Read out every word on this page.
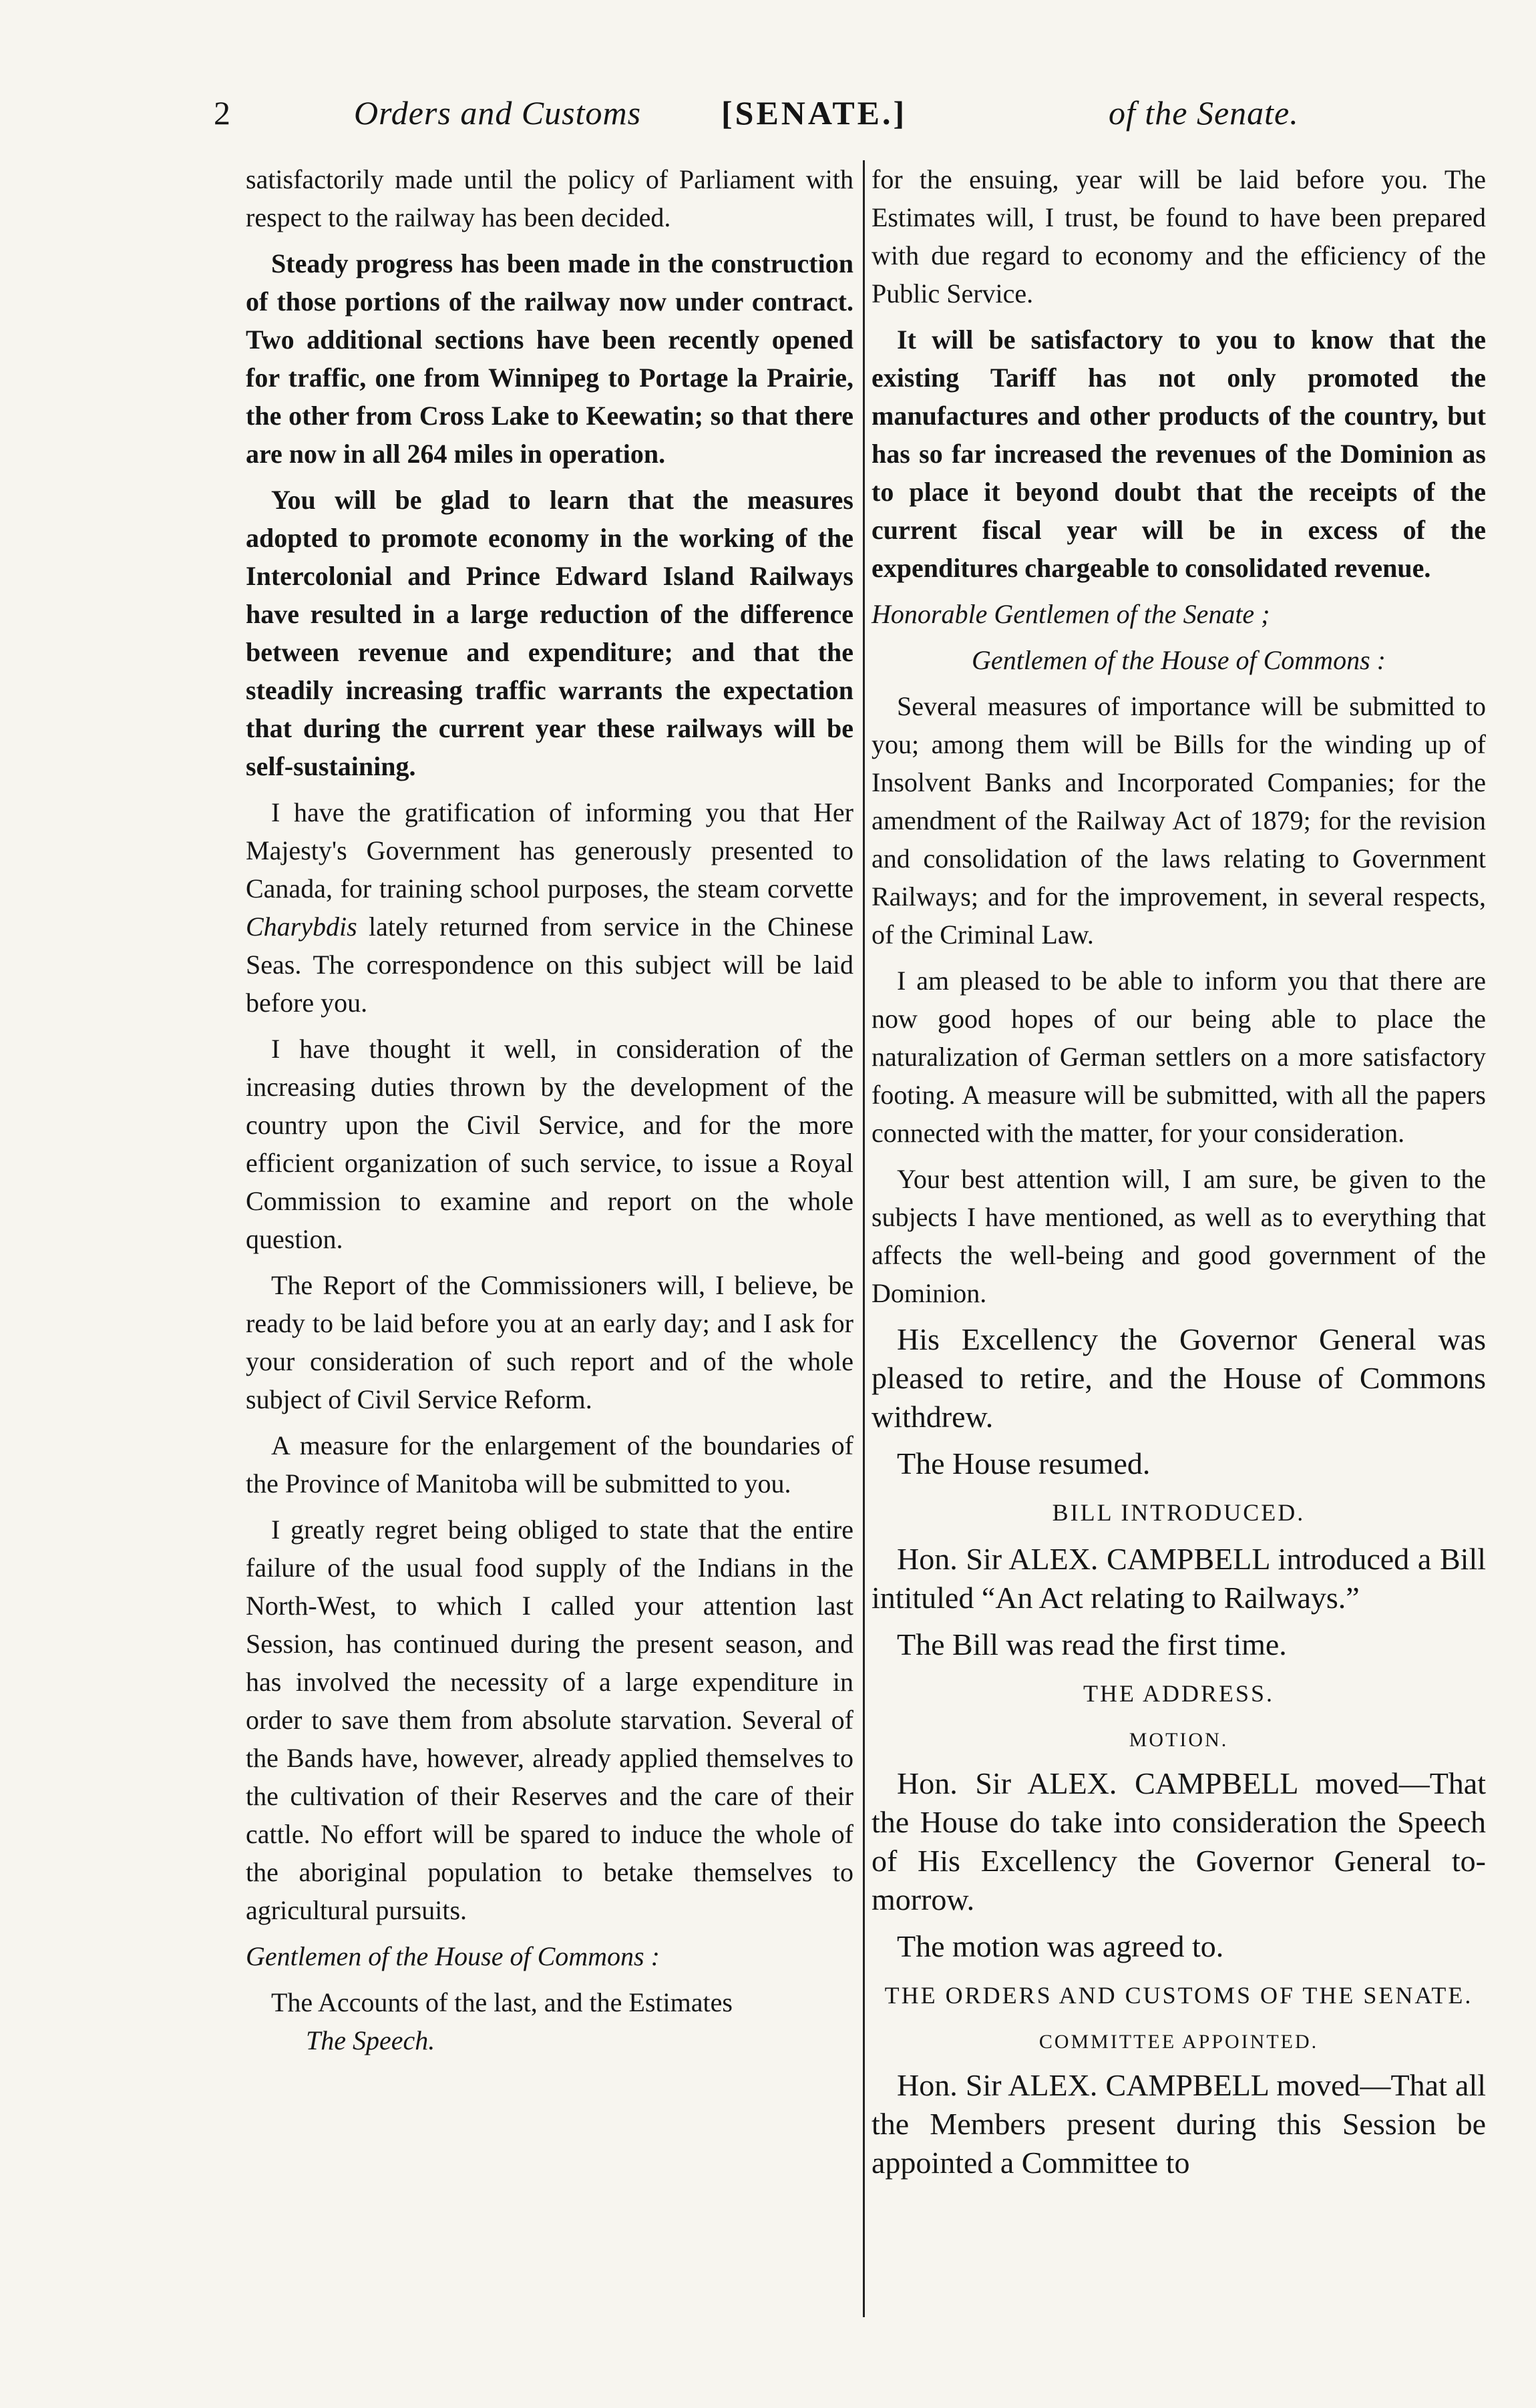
2	Orders and Customs [SENATE.]	of the Senate.

satisfactorily made until the policy of Parliament with respect to the railway has been decided.

Steady progress has been made in the construction of those portions of the railway now under contract. Two additional sections have been recently opened for traffic, one from Winnipeg to Portage la Prairie, the other from Cross Lake to Keewatin; so that there are now in all 264 miles in operation.

You will be glad to learn that the measures adopted to promote economy in the working of the Intercolonial and Prince Edward Island Railways have resulted in a large reduction of the difference between revenue and expenditure; and that the steadily increasing traffic warrants the expectation that during the current year these railways will be self-sustaining.

I have the gratification of informing you that Her Majesty's Government has generously presented to Canada, for training school purposes, the steam corvette Charybdis lately returned from service in the Chinese Seas. The correspondence on this subject will be laid before you.

I have thought it well, in consideration of the increasing duties thrown by the development of the country upon the Civil Service, and for the more efficient organization of such service, to issue a Royal Commission to examine and report on the whole question.

The Report of the Commissioners will, I believe, be ready to be laid before you at an early day; and I ask for your consideration of such report and of the whole subject of Civil Service Reform.

A measure for the enlargement of the boundaries of the Province of Manitoba will be submitted to you.

I greatly regret being obliged to state that the entire failure of the usual food supply of the Indians in the North-West, to which I called your attention last Session, has continued during the present season, and has involved the necessity of a large expenditure in order to save them from absolute starvation. Several of the Bands have, however, already applied themselves to the cultivation of their Reserves and the care of their cattle. No effort will be spared to induce the whole of the aboriginal population to betake themselves to agricultural pursuits.

Gentlemen of the House of Commons :

The Accounts of the last, and the Estimates

The Speech.

for the ensuing, year will be laid before you. The Estimates will, I trust, be found to have been prepared with due regard to economy and the efficiency of the Public Service.

It will be satisfactory to you to know that the existing Tariff has not only promoted the manufactures and other products of the country, but has so far increased the revenues of the Dominion as to place it beyond doubt that the receipts of the current fiscal year will be in excess of the expenditures chargeable to consolidated revenue.

Honorable Gentlemen of the Senate ;

Gentlemen of the House of Commons :

Several measures of importance will be submitted to you; among them will be Bills for the winding up of Insolvent Banks and Incorporated Companies; for the amendment of the Railway Act of 1879; for the revision and consolidation of the laws relating to Government Railways; and for the improvement, in several respects, of the Criminal Law.

I am pleased to be able to inform you that there are now good hopes of our being able to place the naturalization of German settlers on a more satisfactory footing. A measure will be submitted, with all the papers connected with the matter, for your consideration.

Your best attention will, I am sure, be given to the subjects I have mentioned, as well as to everything that affects the well-being and good government of the Dominion.

His Excellency the Governor General was pleased to retire, and the House of Commons withdrew.

The House resumed.

BILL INTRODUCED.

Hon. Sir ALEX. CAMPBELL introduced a Bill intituled “An Act relating to Railways.”

The Bill was read the first time.

THE ADDRESS.

MOTION.

Hon. Sir ALEX. CAMPBELL moved—That the House do take into consideration the Speech of His Excellency the Governor General to-morrow.

The motion was agreed to.

THE ORDERS AND CUSTOMS OF THE SENATE.

COMMITTEE APPOINTED.

Hon. Sir ALEX. CAMPBELL moved—That all the Members present during this Session be appointed a Committee to
